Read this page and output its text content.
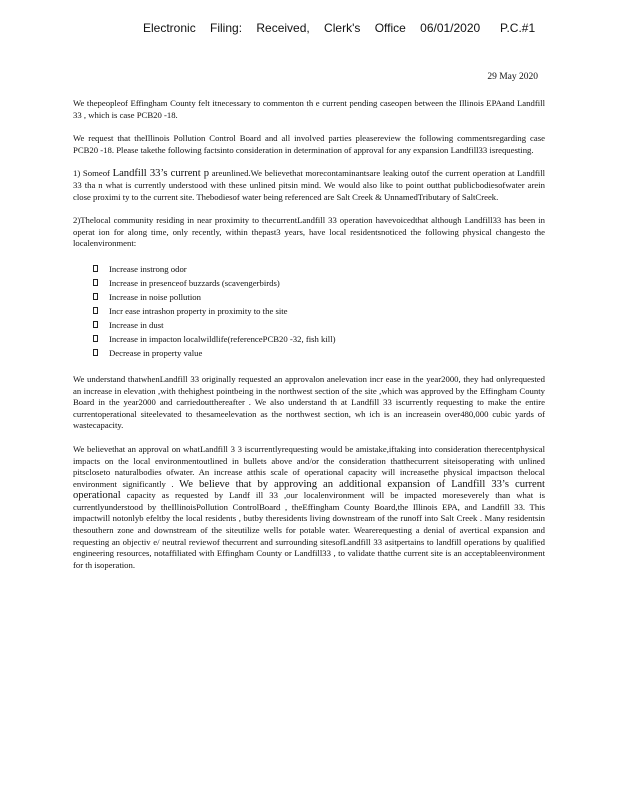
Electronic Filing: Received, Clerk's Office 06/01/2020 P.C.#1
29 May 2020

We thepeopleof Effingham County felt itnecessary to commenton th e current pending caseopen between the Illinois EPAand Landfill 33 , which is case PCB20 -18.

We request that theIllinois Pollution Control Board and all involved parties pleasereview the following commentsregarding case PCB20 -18. Please takethe following factsinto consideration in determination of approval for any expansion Landfill33 isrequesting.

1) Someof Landfill 33’s current p areunlined.We believethat morecontaminantsare leaking outof the current operation at Landfill 33 tha n what is currently understood with these unlined pitsin mind. We would also like to point outthat publicbodiesofwater arein close proximi ty to the current site. Thebodiesof water being referenced are Salt Creek & UnnamedTributary of SaltCreek.

2)Thelocal community residing in near proximity to thecurrentLandfill 33 operation havevoicedthat although Landfill33 has been in operat ion for along time, only recently, within thepast3 years, have local residentsnoticed the following physical changesto the localenvironment:

Increase instrong odor
Increase in presenceof buzzards (scavengerbirds)
Increase in noise pollution
Incr ease intrashon property in proximity to the site
Increase in dust
Increase in impacton localwildlife(referencePCB20 -32, fish kill)
Decrease in property value

We understand thatwhenLandfill 33 originally requested an approvalon anelevation incr ease in the year2000, they had onlyrequested an increase in elevation ,with thehighest pointbeing in the northwest section of the site ,which was approved by the Effingham County Board in the year2000 and carriedoutthereafter . We also understand th at Landfill 33 iscurrently requesting to make the entire currentoperational siteelevated to thesameelevation as the northwest section, wh ich is an increasein over480,000 cubic yards of wastecapacity.

We believethat an approval on whatLandfill 3 3 iscurrentlyrequesting would be amistake,iftaking into consideration therecentphysical impacts on the local environmentoutlined in bullets above and/or the consideration thatthecurrent siteisoperating with unlined pitscloseto naturalbodies ofwater. An increase atthis scale of operational capacity will increasethe physical impactson thelocal environment significantly . We believe that by approving an additional expansion of Landfill 33’s current operational capacity as requested by Landf ill 33 ,our localenvironment will be impacted moreseverely than what is currentlyunderstood by theIllinoisPollution ControlBoard , theEffingham County Board,the Illinois EPA, and Landfill 33. This impactwill notonlyb efeltby the local residents , butby theresidents living downstream of the runoff into Salt Creek . Many residentsin thesouthern zone and downstream of the siteutilize wells for potable water. Wearerequesting a denial of avertical expansion and requesting an objectiv e/ neutral reviewof thecurrent and surrounding sitesofLandfill 33 asitpertains to landfill operations by qualified engineering resources, notaffiliated with Effingham County or Landfill33 , to validate thatthe current site is an acceptableenvironment for th isoperation.
